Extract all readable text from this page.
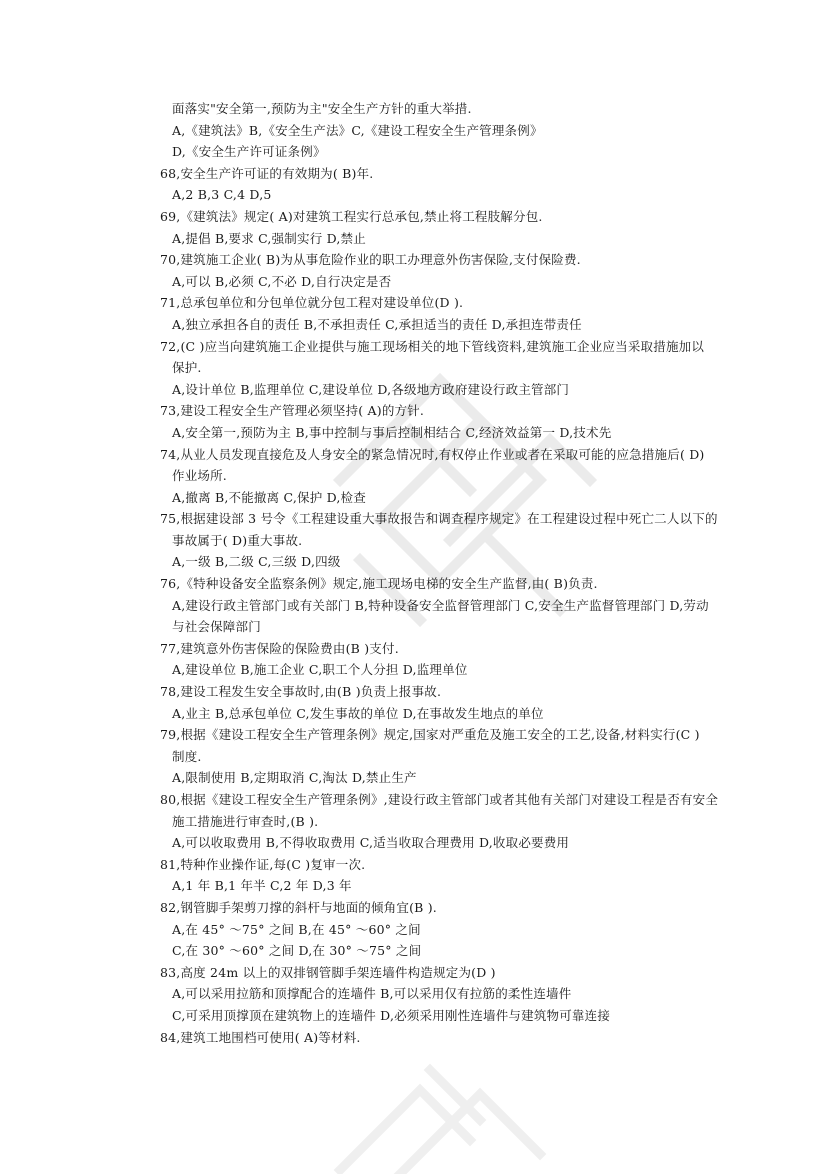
面落实"安全第一,预防为主"安全生产方针的重大举措.
A,《建筑法》B,《安全生产法》C,《建设工程安全生产管理条例》
D,《安全生产许可证条例》
68,安全生产许可证的有效期为( B)年.
A,2 B,3 C,4 D,5
69,《建筑法》规定( A)对建筑工程实行总承包,禁止将工程肢解分包.
A,提倡 B,要求 C,强制实行 D,禁止
70,建筑施工企业( B)为从事危险作业的职工办理意外伤害保险,支付保险费.
A,可以 B,必须 C,不必 D,自行决定是否
71,总承包单位和分包单位就分包工程对建设单位(D ).
A,独立承担各自的责任 B,不承担责任 C,承担适当的责任 D,承担连带责任
72,(C )应当向建筑施工企业提供与施工现场相关的地下管线资料,建筑施工企业应当采取措施加以
保护.
A,设计单位 B,监理单位 C,建设单位 D,各级地方政府建设行政主管部门
73,建设工程安全生产管理必须坚持( A)的方针.
A,安全第一,预防为主 B,事中控制与事后控制相结合 C,经济效益第一 D,技术先
74,从业人员发现直接危及人身安全的紧急情况时,有权停止作业或者在采取可能的应急措施后( D)
作业场所.
A,撤离 B,不能撤离 C,保护 D,检查
75,根据建设部 3 号令《工程建设重大事故报告和调查程序规定》在工程建设过程中死亡二人以下的
事故属于( D)重大事故.
A,一级 B,二级 C,三级 D,四级
76,《特种设备安全监察条例》规定,施工现场电梯的安全生产监督,由( B)负责.
A,建设行政主管部门或有关部门 B,特种设备安全监督管理部门 C,安全生产监督管理部门 D,劳动
与社会保障部门
77,建筑意外伤害保险的保险费由(B )支付.
A,建设单位 B,施工企业 C,职工个人分担 D,监理单位
78,建设工程发生安全事故时,由(B )负责上报事故.
A,业主 B,总承包单位 C,发生事故的单位 D,在事故发生地点的单位
79,根据《建设工程安全生产管理条例》规定,国家对严重危及施工安全的工艺,设备,材料实行(C )
制度.
A,限制使用 B,定期取消 C,淘汰 D,禁止生产
80,根据《建设工程安全生产管理条例》,建设行政主管部门或者其他有关部门对建设工程是否有安全
施工措施进行审查时,(B ).
A,可以收取费用 B,不得收取费用 C,适当收取合理费用 D,收取必要费用
81,特种作业操作证,每(C )复审一次.
A,1 年 B,1 年半 C,2 年 D,3 年
82,钢管脚手架剪刀撑的斜杆与地面的倾角宜(B ).
A,在 45° ～75° 之间 B,在 45° ～60° 之间
C,在 30° ～60° 之间 D,在 30° ～75° 之间
83,高度 24m 以上的双排钢管脚手架连墙件构造规定为(D )
A,可以采用拉筋和顶撑配合的连墙件 B,可以采用仅有拉筋的柔性连墙件
C,可采用顶撑顶在建筑物上的连墙件 D,必须采用刚性连墙件与建筑物可靠连接
84,建筑工地围档可使用( A)等材料.
